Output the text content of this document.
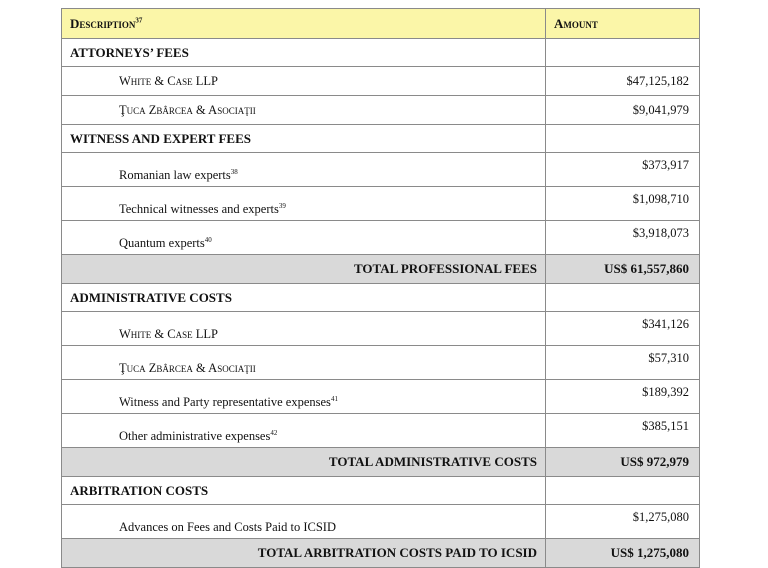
Description$^{37}$	Amount
ATTORNEYS’ FEES	
White & Case LLP	$47,125,182
Ţuca Zbârcea & Asociaţii	$9,041,979
WITNESS AND EXPERT FEES	
Romanian law experts$^{38}$	$373,917
Technical witnesses and experts$^{39}$	$1,098,710
Quantum experts$^{40}$	$3,918,073
TOTAL PROFESSIONAL FEES	US$ 61,557,860
ADMINISTRATIVE COSTS	
White & Case LLP	$341,126
Ţuca Zbârcea & Asociaţii	$57,310
Witness and Party representative expenses$^{41}$	$189,392
Other administrative expenses$^{42}$	$385,151
TOTAL ADMINISTRATIVE COSTS	US$ 972,979
ARBITRATION COSTS	
Advances on Fees and Costs Paid to ICSID	$1,275,080
TOTAL ARBITRATION COSTS PAID TO ICSID	US$ 1,275,080
